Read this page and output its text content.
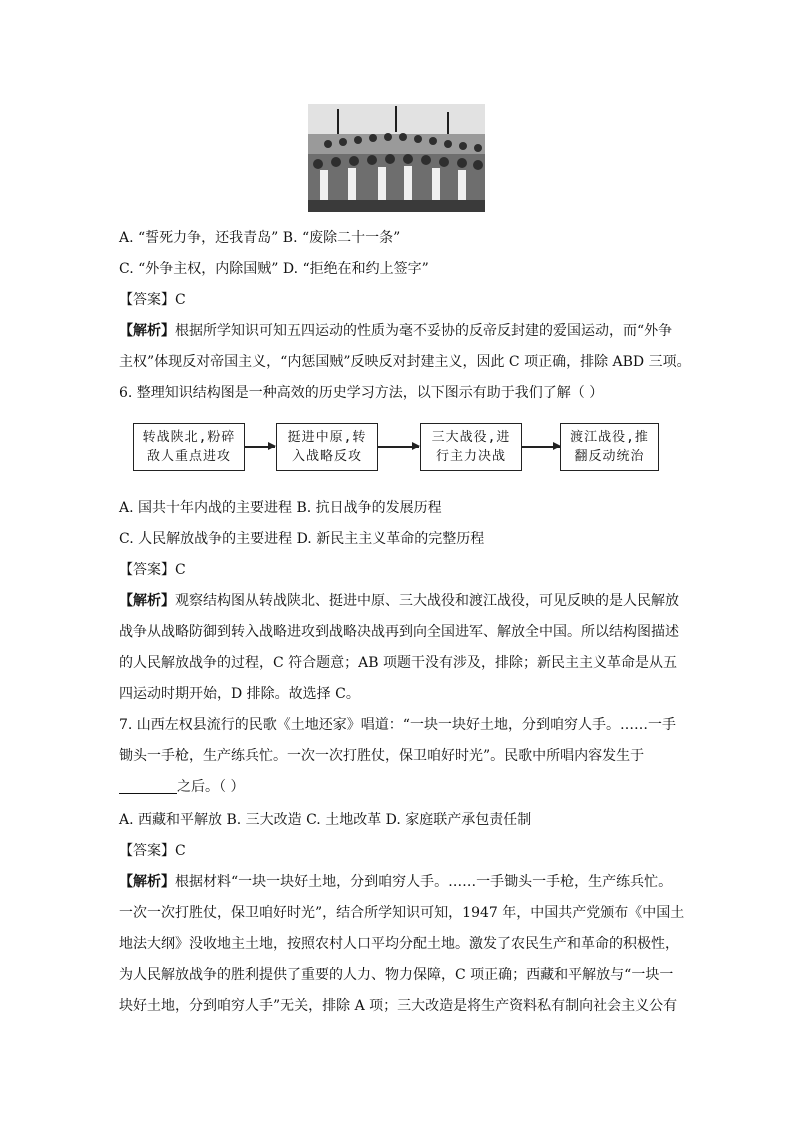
A. “誓死力争，还我青岛” B. “废除二十一条”
C. “外争主权，内除国贼” D. “拒绝在和约上签字”
【答案】C
【解析】根据所学知识可知五四运动的性质为毫不妥协的反帝反封建的爱国运动，而“外争
主权”体现反对帝国主义，“内惩国贼”反映反对封建主义，因此 C 项正确，排除 ABD 三项。
6. 整理知识结构图是一种高效的历史学习方法，以下图示有助于我们了解（ ）
转战陕北,粉碎
敌人重点进攻
挺进中原,转
入战略反攻
三大战役,进
行主力决战
渡江战役,推
翻反动统治
A. 国共十年内战的主要进程 B. 抗日战争的发展历程
C. 人民解放战争的主要进程 D. 新民主主义革命的完整历程
【答案】C
【解析】观察结构图从转战陕北、挺进中原、三大战役和渡江战役，可见反映的是人民解放
战争从战略防御到转入战略进攻到战略决战再到向全国进军、解放全中国。所以结构图描述
的人民解放战争的过程，C 符合题意；AB 项题干没有涉及，排除；新民主主义革命是从五
四运动时期开始，D 排除。故选择 C。
7. 山西左权县流行的民歌《土地还家》唱道：“一块一块好土地，分到咱穷人手。……一手
锄头一手枪，生产练兵忙。一次一次打胜仗，保卫咱好时光”。民歌中所唱内容发生于
之后。（ ）
A. 西藏和平解放 B. 三大改造 C. 土地改革 D. 家庭联产承包责任制
【答案】C
【解析】根据材料“一块一块好土地，分到咱穷人手。……一手锄头一手枪，生产练兵忙。
一次一次打胜仗，保卫咱好时光”，结合所学知识可知，1947 年，中国共产党颁布《中国土
地法大纲》没收地主土地，按照农村人口平均分配土地。激发了农民生产和革命的积极性，
为人民解放战争的胜利提供了重要的人力、物力保障，C 项正确；西藏和平解放与“一块一
块好土地，分到咱穷人手”无关，排除 A 项；三大改造是将生产资料私有制向社会主义公有
